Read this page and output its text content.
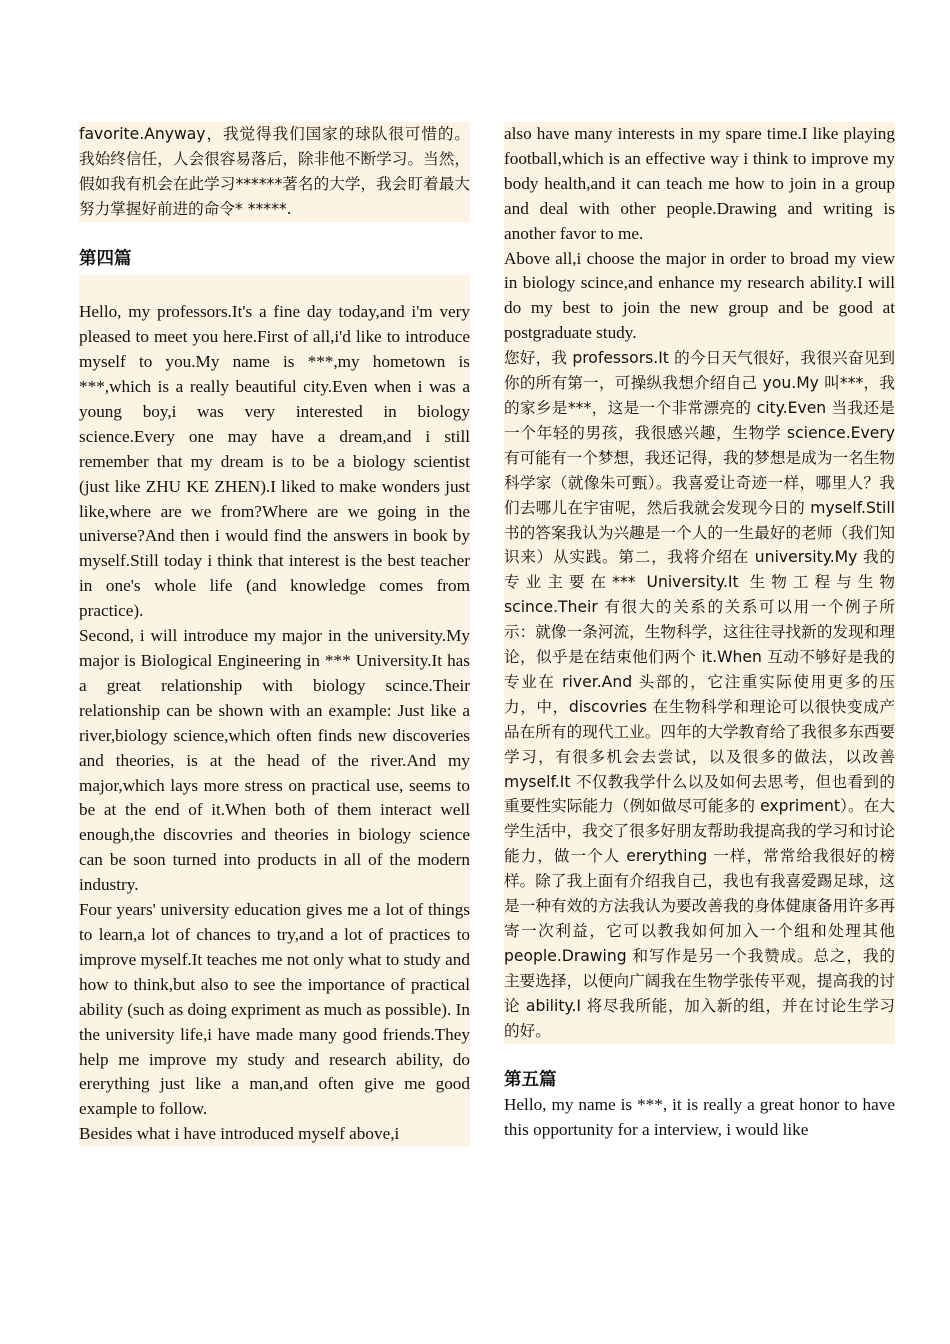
favorite.Anyway，我觉得我们国家的球队很可惜的。我始终信任，人会很容易落后，除非他不断学习。当然，假如我有机会在此学习******著名的大学，我会盯着最大努力掌握好前进的命令* *****.

第四篇

Hello, my professors.It's a fine day today,and i'm very pleased to meet you here.First of all,i'd like to introduce myself to you.My name is ***,my hometown is ***,which is a really beautiful city.Even when i was a young boy,i was very interested in biology science.Every one may have a dream,and i still remember that my dream is to be a biology scientist (just like ZHU KE ZHEN).I liked to make wonders just like,where are we from?Where are we going in the universe?And then i would find the answers in book by myself.Still today i think that interest is the best teacher in one's whole life (and knowledge comes from practice).

Second, i will introduce my major in the university.My major is Biological Engineering in *** University.It has a great relationship with biology scince.Their relationship can be shown with an example: Just like a river,biology science,which often finds new discoveries and theories, is at the head of the river.And my major,which lays more stress on practical use, seems to be at the end of it.When both of them interact well enough,the discovries and theories in biology science can be soon turned into products in all of the modern industry.

Four years' university education gives me a lot of things to learn,a lot of chances to try,and a lot of practices to improve myself.It teaches me not only what to study and how to think,but also to see the importance of practical ability (such as doing expriment as much as possible). In the university life,i have made many good friends.They help me improve my study and research ability, do ererything just like a man,and often give me good example to follow.

Besides what i have introduced myself above,i

also have many interests in my spare time.I like playing football,which is an effective way i think to improve my body health,and it can teach me how to join in a group and deal with other people.Drawing and writing is another favor to me.

Above all,i choose the major in order to broad my view in biology scince,and enhance my research ability.I will do my best to join the new group and be good at postgraduate study.

您好，我 professors.It 的今日天气很好，我很兴奋见到你的所有第一，可操纵我想介绍自己 you.My 叫***，我的家乡是***，这是一个非常漂亮的 city.Even 当我还是一个年轻的男孩，我很感兴趣，生物学 science.Every 有可能有一个梦想，我还记得，我的梦想是成为一名生物科学家（就像朱可甄）。我喜爱让奇迹一样，哪里人？我们去哪儿在宇宙呢，然后我就会发现今日的 myself.Still 书的答案我认为兴趣是一个人的一生最好的老师（我们知识来）从实践。第二，我将介绍在 university.My 我的专业主要在*** University.It 生物工程与生物 scince.Their 有很大的关系的关系可以用一个例子所示：就像一条河流，生物科学，这往往寻找新的发现和理论，似乎是在结束他们两个 it.When 互动不够好是我的专业在 river.And 头部的，它注重实际使用更多的压力，中，discovries 在生物科学和理论可以很快变成产品在所有的现代工业。四年的大学教育给了我很多东西要学习，有很多机会去尝试，以及很多的做法，以改善 myself.It 不仅教我学什么以及如何去思考，但也看到的重要性实际能力（例如做尽可能多的 expriment）。在大学生活中，我交了很多好朋友帮助我提高我的学习和讨论能力，做一个人 ererything 一样，常常给我很好的榜样。除了我上面有介绍我自己，我也有我喜爱踢足球，这是一种有效的方法我认为要改善我的身体健康备用许多再寄一次利益，它可以教我如何加入一个组和处理其他 people.Drawing 和写作是另一个我赞成。总之，我的主要选择，以便向广阔我在生物学张传平观，提高我的讨论 ability.I 将尽我所能，加入新的组，并在讨论生学习的好。

第五篇

Hello, my name is ***, it is really a great honor to have this opportunity for a interview, i would like
